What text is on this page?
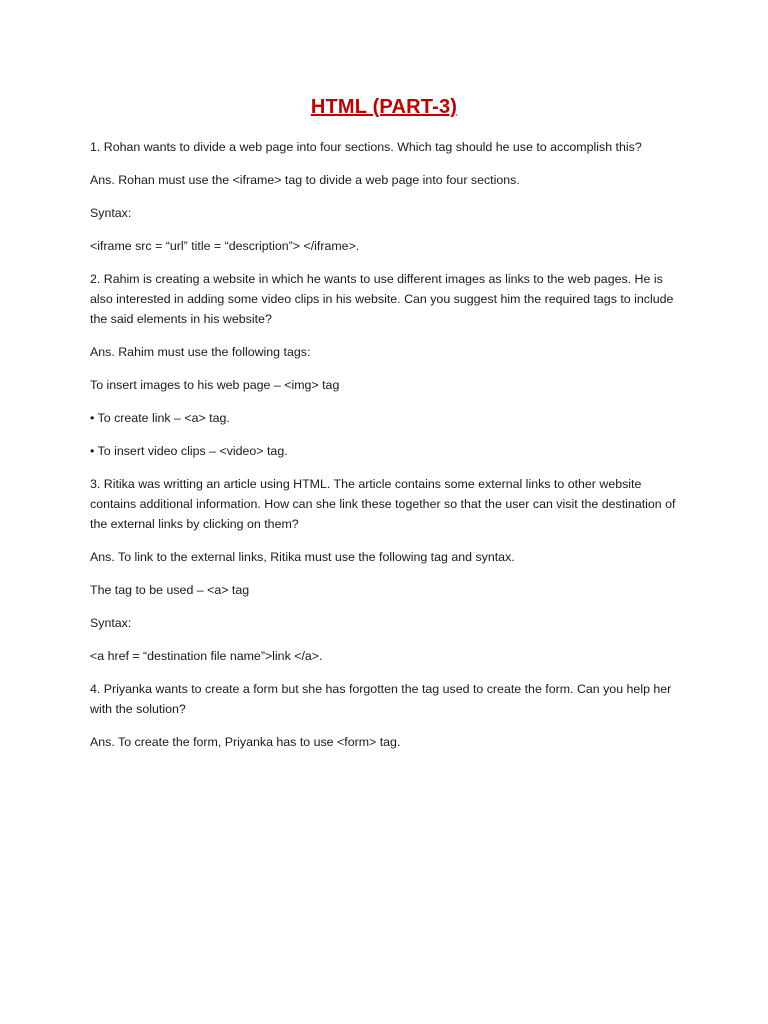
HTML (PART-3)

1. Rohan wants to divide a web page into four sections. Which tag should he use to accomplish this?

Ans. Rohan must use the <iframe> tag to divide a web page into four sections.

Syntax:

<iframe src = “url” title = “description”> </iframe>.

2. Rahim is creating a website in which he wants to use different images as links to the web pages. He is also interested in adding some video clips in his website. Can you suggest him the required tags to include the said elements in his website?

Ans. Rahim must use the following tags:

To insert images to his web page – <img> tag

• To create link – <a> tag.

• To insert video clips – <video> tag.

3. Ritika was writting an article using HTML. The article contains some external links to other website contains additional information. How can she link these together so that the user can visit the destination of the external links by clicking on them?

Ans. To link to the external links, Ritika must use the following tag and syntax.

The tag to be used – <a> tag

Syntax:

<a href = “destination file name”>link </a>.

4. Priyanka wants to create a form but she has forgotten the tag used to create the form. Can you help her with the solution?

Ans. To create the form, Priyanka has to use <form> tag.
